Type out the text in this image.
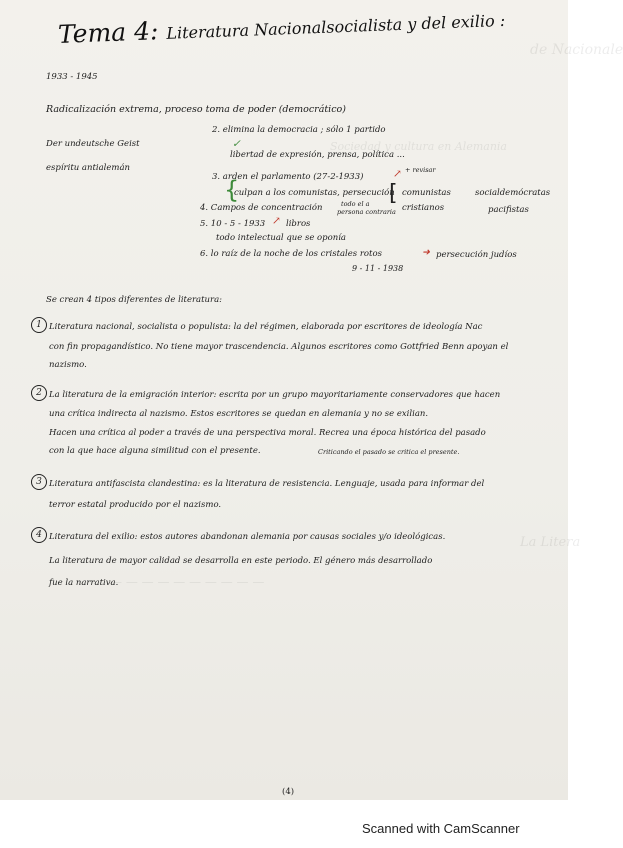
de Nacionale
Sociedad y cultura en Alemania
— — — — — — — — — —
La Litera
Tema 4: Literatura Nacionalsocialista y del exilio :
1933 - 1945
Radicalización extrema, proceso toma de poder (democrático)
Der undeutsche Geist
espíritu antialemán
2. elimina la democracia ; sólo 1 partido
✓
libertad de expresión, prensa, política ...
3. arden el parlamento (27-2-1933)	↗ + revisar
{
culpan a los comunistas, persecución
[ comunistas
cristianos
socialdemócratas
pacifistas
4. Campos de concentración	todo el a
persona contraria
5. 10 - 5 - 1933 ↗ libros
todo intelectual que se oponía
6. lo raíz de la noche de los cristales rotos	➜ persecución judíos
9 - 11 - 1938
Se crean 4 tipos diferentes de literatura:
1 Literatura nacional, socialista o populista: la del régimen, elaborada por escritores de ideología Nac
con fin propagandístico. No tiene mayor trascendencia. Algunos escritores como Gottfried Benn apoyan el
nazismo.
2 La literatura de la emigración interior: escrita por un grupo mayoritariamente conservadores que hacen
una crítica indirecta al nazismo. Estos escritores se quedan en alemania y no se exilian.
Hacen una crítica al poder a través de una perspectiva moral. Recrea una época histórica del pasado
con la que hace alguna similitud con el presente.	Criticando el pasado se critica el presente.
3 Literatura antifascista clandestina: es la literatura de resistencia. Lenguaje, usada para informar del
terror estatal producido por el nazismo.
4 Literatura del exilio: estos autores abandonan alemania por causas sociales y/o ideológicas.
La literatura de mayor calidad se desarrolla en este periodo. El género más desarrollado
fue la narrativa.
(4)
Scanned with CamScanner
